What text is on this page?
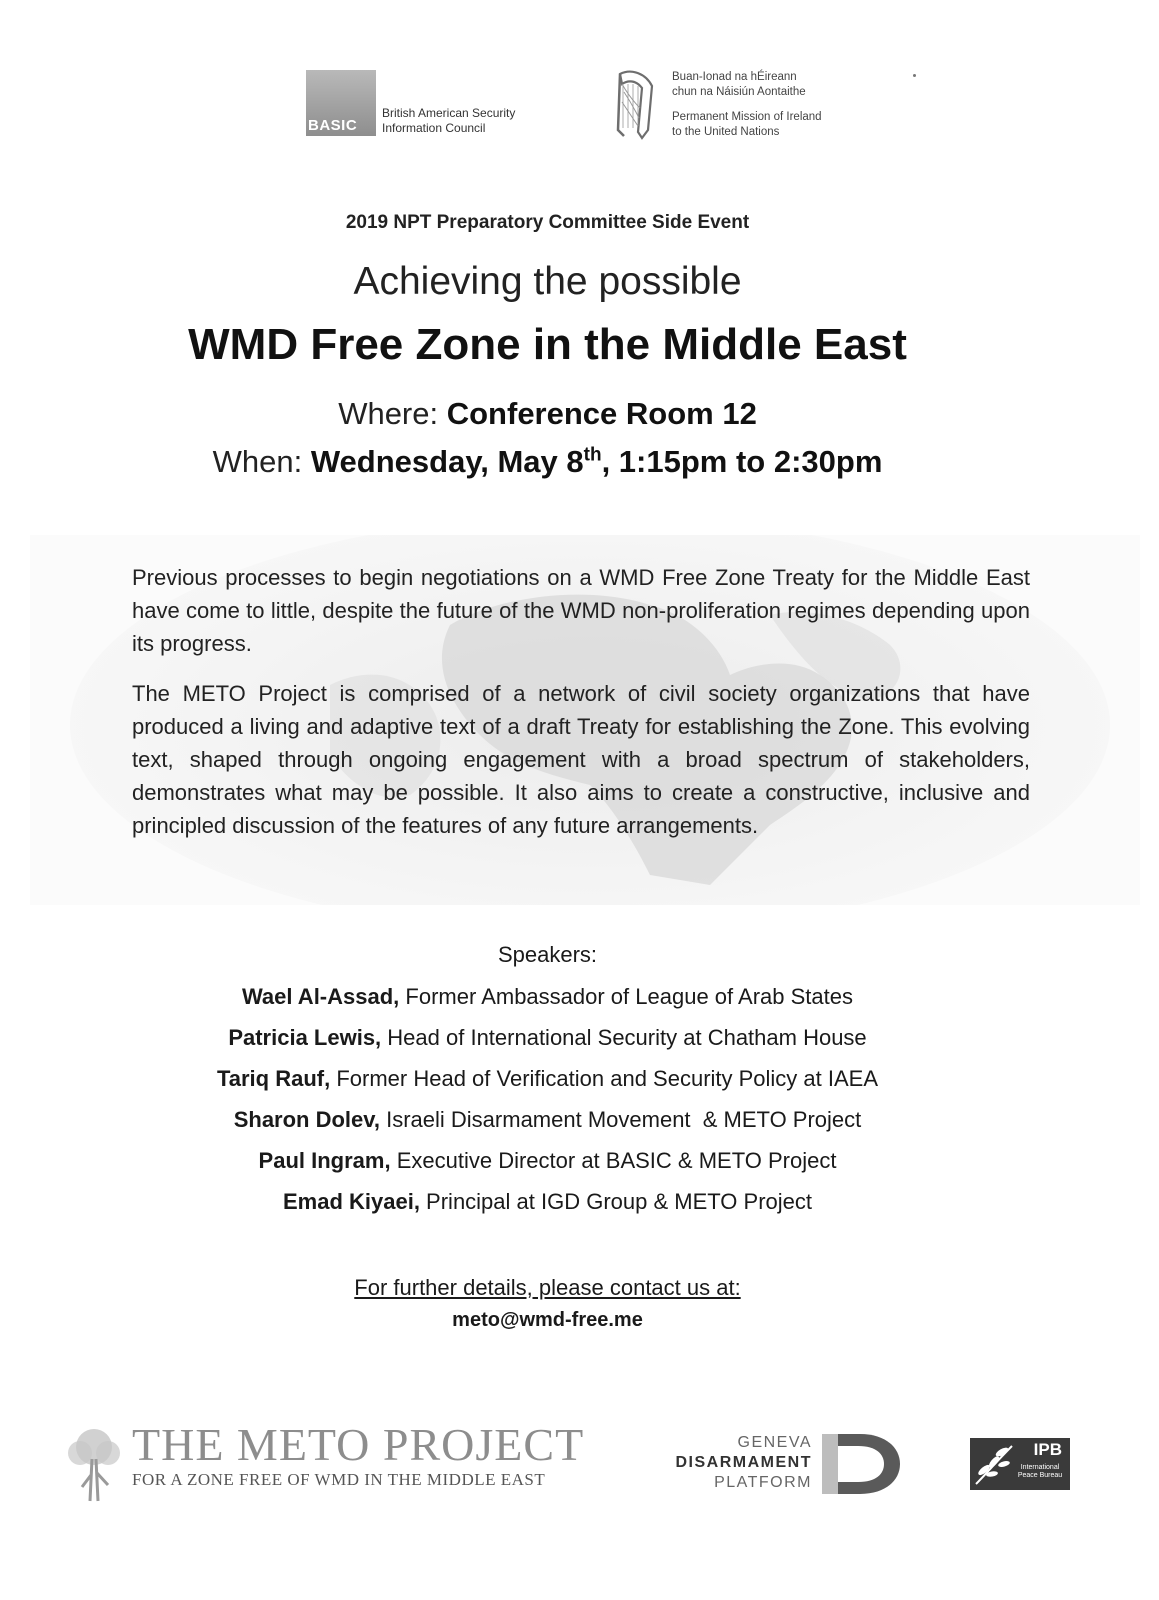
BASIC
British American Security
Information Council
Buan-Ionad na hÉireann
chun na Náisiún Aontaithe
Permanent Mission of Ireland
to the United Nations
2019 NPT Preparatory Committee Side Event
Achieving the possible
WMD Free Zone in the Middle East
Where: Conference Room 12
When: Wednesday, May 8th, 1:15pm to 2:30pm
Previous processes to begin negotiations on a WMD Free Zone Treaty for the Middle East have come to little, despite the future of the WMD non-proliferation regimes depending upon its progress.
The METO Project is comprised of a network of civil society organizations that have produced a living and adaptive text of a draft Treaty for establishing the Zone. This evolving text, shaped through ongoing engagement with a broad spectrum of stakeholders, demonstrates what may be possible. It also aims to create a constructive, inclusive and principled discussion of the features of any future arrangements.
Speakers:
Wael Al-Assad, Former Ambassador of League of Arab States
Patricia Lewis, Head of International Security at Chatham House
Tariq Rauf, Former Head of Verification and Security Policy at IAEA
Sharon Dolev, Israeli Disarmament Movement  & METO Project
Paul Ingram, Executive Director at BASIC & METO Project
Emad Kiyaei, Principal at IGD Group & METO Project
For further details, please contact us at:
meto@wmd-free.me
THE METO PROJECT
FOR A ZONE FREE OF WMD IN THE MIDDLE EAST
GENEVA
DISARMAMENT
PLATFORM
IPB
International Peace Bureau
